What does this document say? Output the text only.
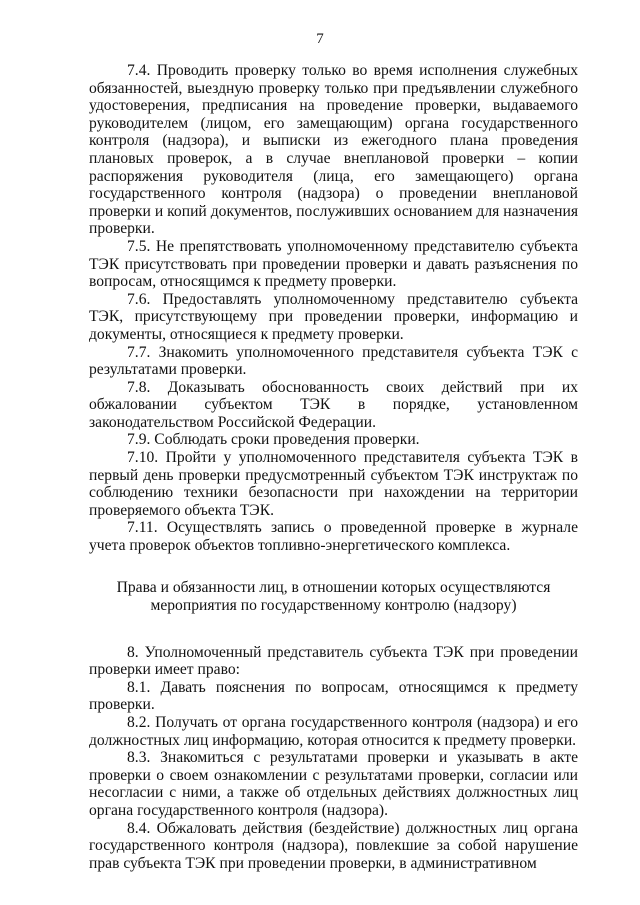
7

7.4. Проводить проверку только во время исполнения служебных обязанностей, выездную проверку только при предъявлении служебного удостоверения, предписания на проведение проверки, выдаваемого руководителем (лицом, его замещающим) органа государственного контроля (надзора), и выписки из ежегодного плана проведения плановых проверок, а в случае внеплановой проверки – копии распоряжения руководителя (лица, его замещающего) органа государственного контроля (надзора) о проведении внеплановой проверки и копий документов, послуживших основанием для назначения проверки.

7.5. Не препятствовать уполномоченному представителю субъекта ТЭК присутствовать при проведении проверки и давать разъяснения по вопросам, относящимся к предмету проверки.

7.6. Предоставлять уполномоченному представителю субъекта ТЭК, присутствующему при проведении проверки, информацию и документы, относящиеся к предмету проверки.

7.7. Знакомить уполномоченного представителя субъекта ТЭК с результатами проверки.

7.8. Доказывать обоснованность своих действий при их обжаловании субъектом ТЭК в порядке, установленном законодательством Российской Федерации.

7.9. Соблюдать сроки проведения проверки.

7.10. Пройти у уполномоченного представителя субъекта ТЭК в первый день проверки предусмотренный субъектом ТЭК инструктаж по соблюдению техники безопасности при нахождении на территории проверяемого объекта ТЭК.

7.11. Осуществлять запись о проведенной проверке в журнале учета проверок объектов топливно-энергетического комплекса.

Права и обязанности лиц, в отношении которых осуществляются
мероприятия по государственному контролю (надзору)

8. Уполномоченный представитель субъекта ТЭК при проведении проверки имеет право:

8.1. Давать пояснения по вопросам, относящимся к предмету проверки.

8.2. Получать от органа государственного контроля (надзора) и его должностных лиц информацию, которая относится к предмету проверки.

8.3. Знакомиться с результатами проверки и указывать в акте проверки о своем ознакомлении с результатами проверки, согласии или несогласии с ними, а также об отдельных действиях должностных лиц органа государственного контроля (надзора).

8.4. Обжаловать действия (бездействие) должностных лиц органа государственного контроля (надзора), повлекшие за собой нарушение прав субъекта ТЭК при проведении проверки, в административном
